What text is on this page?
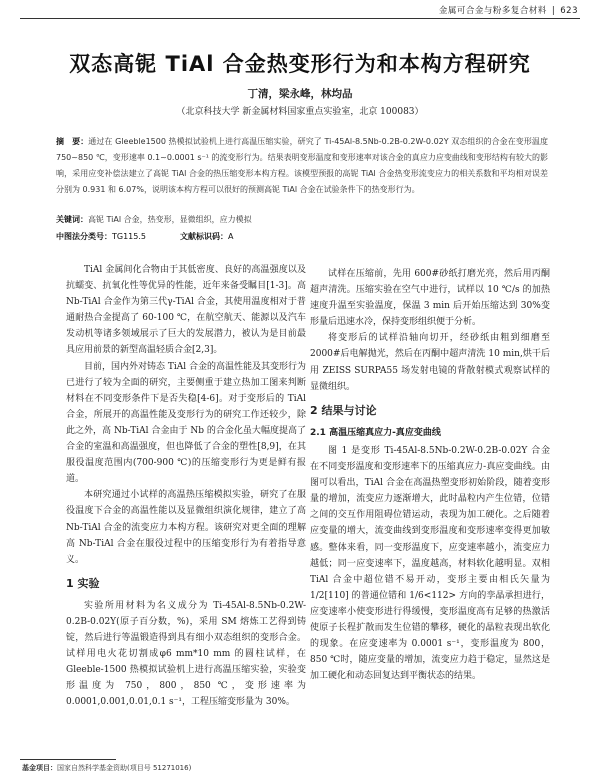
金属可合金与粉多复合材料 | 623
双态高铌 TiAl 合金热变形行为和本构方程研究
丁清，梁永峰，林均品
（北京科技大学 新金属材料国家重点实验室，北京 100083）
摘　要：通过在 Gleeble1500 热模拟试验机上进行高温压缩实验，研究了 Ti-45Al-8.5Nb-0.2B-0.2W-0.02Y 双态组织的合金在变形温度 750~850 ℃，变形速率 0.1~0.0001 s⁻¹ 的流变形行为。结果表明变形温度和变形速率对该合金的真应力应变曲线和变形结构有较大的影响，采用应变补偿法建立了高铌 TiAl 合金的热压缩变形本构方程。该模型预报的高铌 TiAl 合金热变形流变应力的相关系数和平均相对误差分别为 0.931 和 6.07%，说明该本构方程可以很好的预测高铌 TiAl 合金在试验条件下的热变形行为。
关键词：高铌 TiAl 合金，热变形，显微组织，应力模拟
中图法分类号：TG115.5	文献标识码：A

TiAl 金属间化合物由于其低密度、良好的高温强度以及抗蠕变、抗氧化性等优异的性能，近年来备受瞩目[1-3]。高 Nb-TiAl 合金作为第三代γ-TiAl 合金，其使用温度相对于普通耐热合金提高了 60-100 ℃，在航空航天、能源以及汽车发动机等诸多领域展示了巨大的发展潜力，被认为是目前最具应用前景的新型高温轻质合金[2,3]。

目前，国内外对铸态 TiAl 合金的高温性能及其变形行为已进行了较为全面的研究，主要侧重于建立热加工图来判断材料在不同变形条件下是否失稳[4-6]。对于变形后的 TiAl 合金，所展开的高温性能及变形行为的研究工作还较少，除此之外，高 Nb-TiAl 合金由于 Nb 的合金化虽大幅度提高了合金的室温和高温强度，但也降低了合金的塑性[8,9]，在其服役温度范围内(700-900 ℃)的压缩变形行为更是鲜有报道。

本研究通过小试样的高温热压缩模拟实验，研究了在服役温度下合金的高温性能以及显微组织演化规律，建立了高 Nb-TiAl 合金的流变应力本构方程。该研究对更全面的理解高 Nb-TiAl 合金在服役过程中的压缩变形行为有着指导意义。

1 实验

实验所用材料为名义成分为 Ti-45Al-8.5Nb-0.2W-0.2B-0.02Y(原子百分数，%)，采用 SM 熔炼工艺得到铸锭，然后进行等温锻造得到具有细小双态组织的变形合金。试样用电火花切割成φ6 mm*10 mm 的圆柱试样，在 Gleeble-1500 热模拟试验机上进行高温压缩实验，实验变形温度为 750，800，850 ℃，变形速率为 0.0001,0.001,0.01,0.1 s⁻¹，工程压缩变形量为 30%。

试样在压缩前，先用 600#砂纸打磨光亮，然后用丙酮超声清洗。压缩实验在空气中进行，试样以 10 ℃/s 的加热速度升温至实验温度，保温 3 min 后开始压缩达到 30%变形量后迅速水冷，保持变形组织便于分析。

将变形后的试样沿轴向切开，经砂纸由粗到细磨至 2000#后电解抛光，然后在丙酮中超声清洗 10 min,烘干后用 ZEISS SURPA55 场发射电镜的背散射模式观察试样的显微组织。

2 结果与讨论
2.1 高温压缩真应力-真应变曲线

图 1 是变形 Ti-45Al-8.5Nb-0.2W-0.2B-0.02Y 合金在不同变形温度和变形速率下的压缩真应力-真应变曲线。由图可以看出，TiAl 合金在高温热塑变形初始阶段，随着变形量的增加，流变应力逐渐增大，此时晶粒内产生位错，位错之间的交互作用阻碍位错运动，表现为加工硬化。之后随着应变量的增大，流变曲线到变形温度和变形速率变得更加敏感。整体来看，同一变形温度下，应变速率越小，流变应力越低；同一应变速率下，温度越高，材料软化越明显。双相 TiAl 合金中超位错不易开动，变形主要由相氏矢量为 1/2[110] 的普通位错和 1/6<112> 方向的孪晶承担进行，应变速率小使变形进行得缓慢，变形温度高有足够的热激活使原子长程扩散而发生位错的攀移，硬化的晶粒表现出软化的现象。在应变速率为 0.0001 s⁻¹，变形温度为 800，850 ℃时，随应变量的增加，流变应力趋于稳定，显然这是加工硬化和动态回复达到平衡状态的结果。

基金项目：国家自然科学基金资助(项目号 51271016)
